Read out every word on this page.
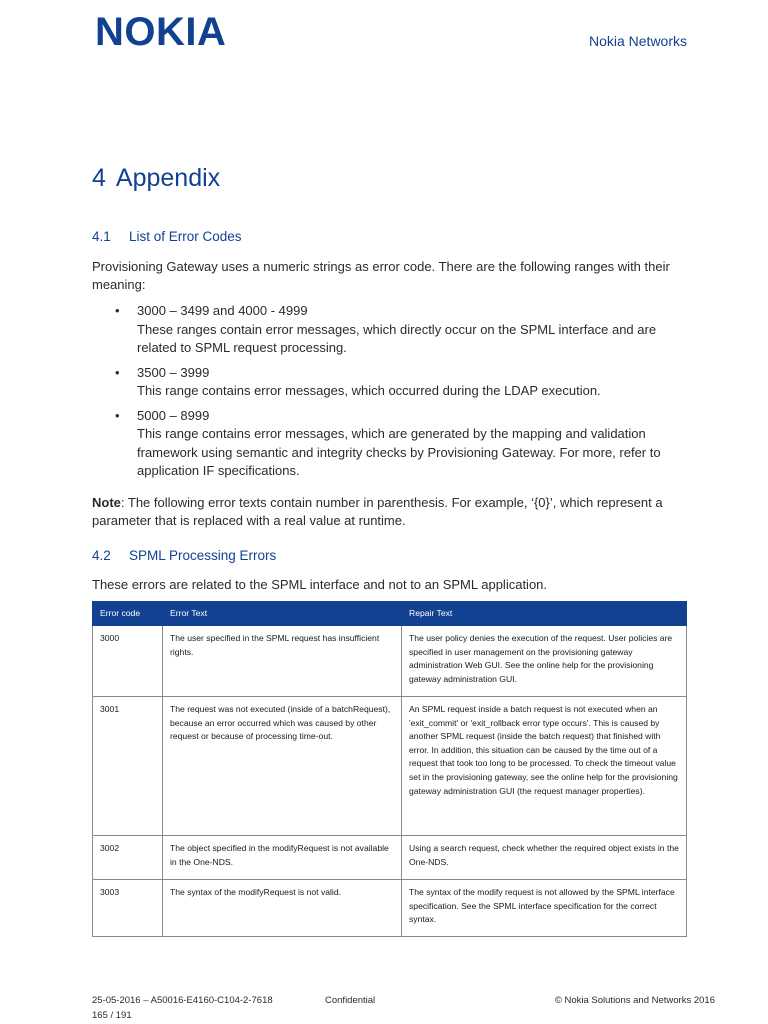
NOKIA	Nokia Networks
4 Appendix
4.1 List of Error Codes

Provisioning Gateway uses a numeric strings as error code. There are the following ranges with their meaning:

• 3000 – 3499 and 4000 - 4999
These ranges contain error messages, which directly occur on the SPML interface and are related to SPML request processing.
• 3500 – 3999
This range contains error messages, which occurred during the LDAP execution.
• 5000 – 8999
This range contains error messages, which are generated by the mapping and validation framework using semantic and integrity checks by Provisioning Gateway. For more, refer to application IF specifications.

Note: The following error texts contain number in parenthesis. For example, ‘{0}’, which represent a parameter that is replaced with a real value at runtime.

4.2 SPML Processing Errors

These errors are related to the SPML interface and not to an SPML application.

Error code	Error Text	Repair Text
3000	The user specified in the SPML request has insufficient rights.	The user policy denies the execution of the request. User policies are specified in user management on the provisioning gateway administration Web GUI. See the online help for the provisioning gateway administration GUI.
3001	The request was not executed (inside of a batchRequest), because an error occurred which was caused by other request or because of processing time-out.	An SPML request inside a batch request is not executed when an 'exit_commit' or 'exit_rollback error type occurs'. This is caused by another SPML request (inside the batch request) that finished with error. In addition, this situation can be caused by the time out of a request that took too long to be processed. To check the timeout value set in the provisioning gateway, see the online help for the provisioning gateway administration GUI (the request manager properties).
3002	The object specified in the modifyRequest is not available in the One-NDS.	Using a search request, check whether the required object exists in the One-NDS.
3003	The syntax of the modifyRequest is not valid.	The syntax of the modify request is not allowed by the SPML interface specification. See the SPML interface specification for the correct syntax.
25-05-2016 – A50016-E4160-C104-2-7618
165 / 191
Confidential	© Nokia Solutions and Networks 2016
